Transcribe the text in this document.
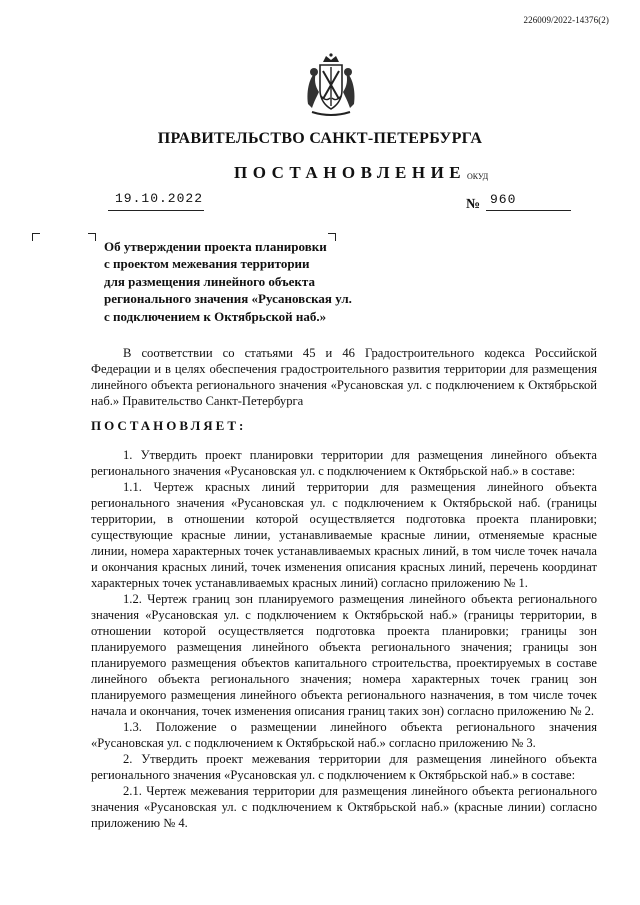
226009/2022-14376(2)
ПРАВИТЕЛЬСТВО САНКТ-ПЕТЕРБУРГА
ПОСТАНОВЛЕНИЕ ОКУД
19.10.2022	№ 960
Об утверждении проекта планировки
с проектом межевания территории
для размещения линейного объекта
регионального значения «Русановская ул.
с подключением к Октябрьской наб.»

В соответствии со статьями 45 и 46 Градостроительного кодекса Российской Федерации и в целях обеспечения градостроительного развития территории для размещения линейного объекта регионального значения «Русановская ул. с подключением к Октябрьской наб.» Правительство Санкт-Петербурга

ПОСТАНОВЛЯЕТ:

1. Утвердить проект планировки территории для размещения линейного объекта регионального значения «Русановская ул. с подключением к Октябрьской наб.» в составе:

1.1. Чертеж красных линий территории для размещения линейного объекта регионального значения «Русановская ул. с подключением к Октябрьской наб. (границы территории, в отношении которой осуществляется подготовка проекта планировки; существующие красные линии, устанавливаемые красные линии, отменяемые красные линии, номера характерных точек устанавливаемых красных линий, в том числе точек начала и окончания красных линий, точек изменения описания красных линий, перечень координат характерных точек устанавливаемых красных линий) согласно приложению № 1.

1.2. Чертеж границ зон планируемого размещения линейного объекта регионального значения «Русановская ул. с подключением к Октябрьской наб.» (границы территории, в отношении которой осуществляется подготовка проекта планировки; границы зон планируемого размещения линейного объекта регионального значения; границы зон планируемого размещения объектов капитального строительства, проектируемых в составе линейного объекта регионального значения; номера характерных точек границ зон планируемого размещения линейного объекта регионального назначения, в том числе точек начала и окончания, точек изменения описания границ таких зон) согласно приложению № 2.

1.3. Положение о размещении линейного объекта регионального значения «Русановская ул. с подключением к Октябрьской наб.» согласно приложению № 3.

2. Утвердить проект межевания территории для размещения линейного объекта регионального значения «Русановская ул. с подключением к Октябрьской наб.» в составе:

2.1. Чертеж межевания территории для размещения линейного объекта регионального значения «Русановская ул. с подключением к Октябрьской наб.» (красные линии) согласно приложению № 4.
